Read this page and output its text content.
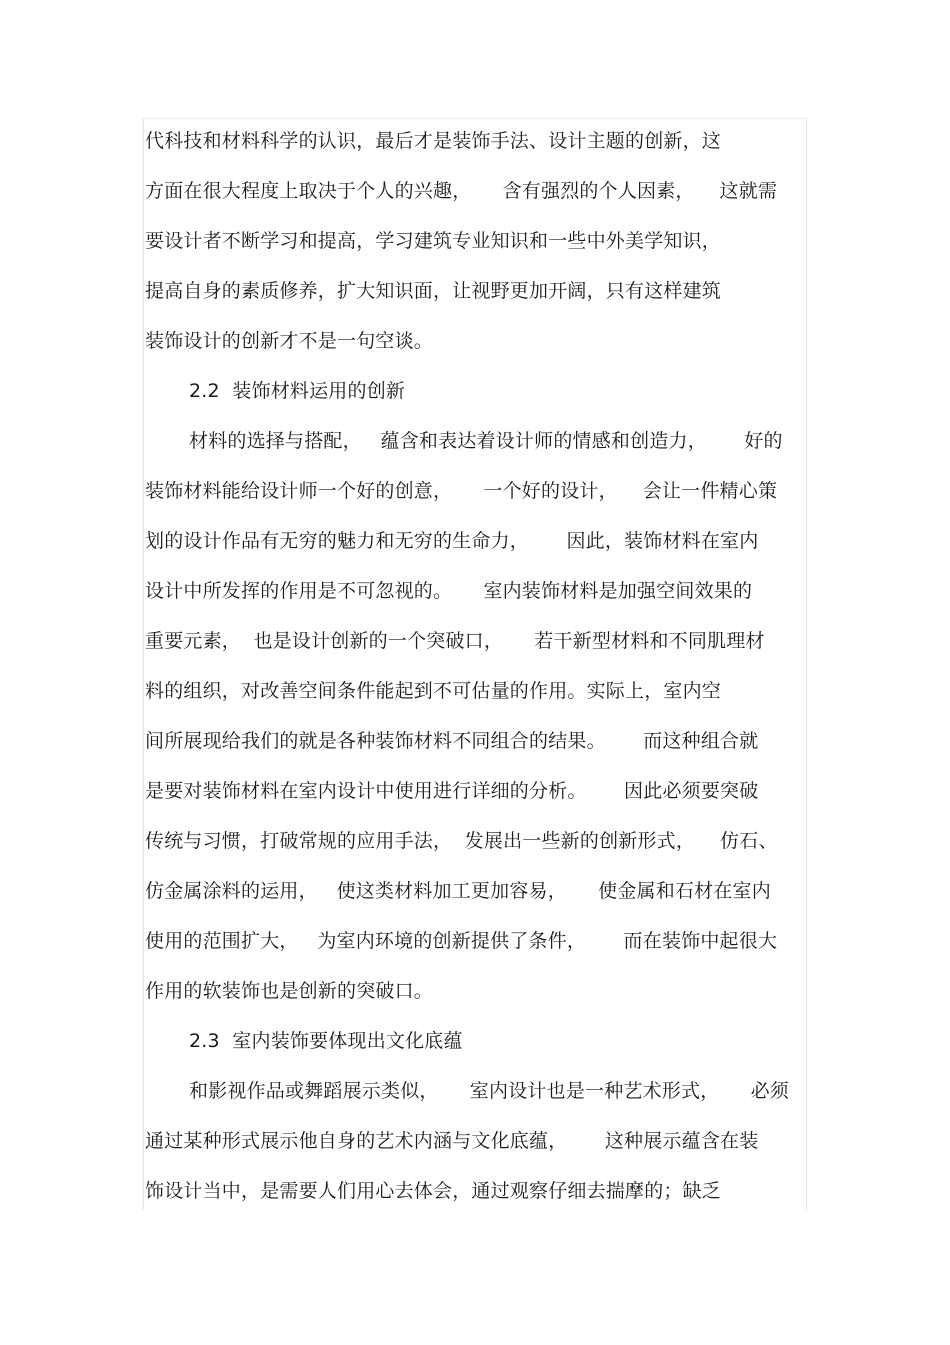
代科技和材料科学的认识，最后才是装饰手法、设计主题的创新，这
方面在很大程度上取决于个人的兴趣，     含有强烈的个人因素，    这就需
要设计者不断学习和提高，学习建筑专业知识和一些中外美学知识，
提高自身的素质修养，扩大知识面，让视野更加开阔，只有这样建筑
装饰设计的创新才不是一句空谈。
2.2  装饰材料运用的创新
材料的选择与搭配，   蕴含和表达着设计师的情感和创造力，      好的
装饰材料能给设计师一个好的创意，     一个好的设计，    会让一件精心策
划的设计作品有无穷的魅力和无穷的生命力，      因此，装饰材料在室内
设计中所发挥的作用是不可忽视的。     室内装饰材料是加强空间效果的
重要元素，  也是设计创新的一个突破口，     若干新型材料和不同肌理材
料的组织，对改善空间条件能起到不可估量的作用。实际上，室内空
间所展现给我们的就是各种装饰材料不同组合的结果。      而这种组合就
是要对装饰材料在室内设计中使用进行详细的分析。      因此必须要突破
传统与习惯，打破常规的应用手法，  发展出一些新的创新形式，    仿石、
仿金属涂料的运用，   使这类材料加工更加容易，     使金属和石材在室内
使用的范围扩大，   为室内环境的创新提供了条件，      而在装饰中起很大
作用的软装饰也是创新的突破口。
2.3  室内装饰要体现出文化底蕴
和影视作品或舞蹈展示类似，     室内设计也是一种艺术形式，     必须
通过某种形式展示他自身的艺术内涵与文化底蕴，      这种展示蕴含在装
饰设计当中，是需要人们用心去体会，通过观察仔细去揣摩的；缺乏
